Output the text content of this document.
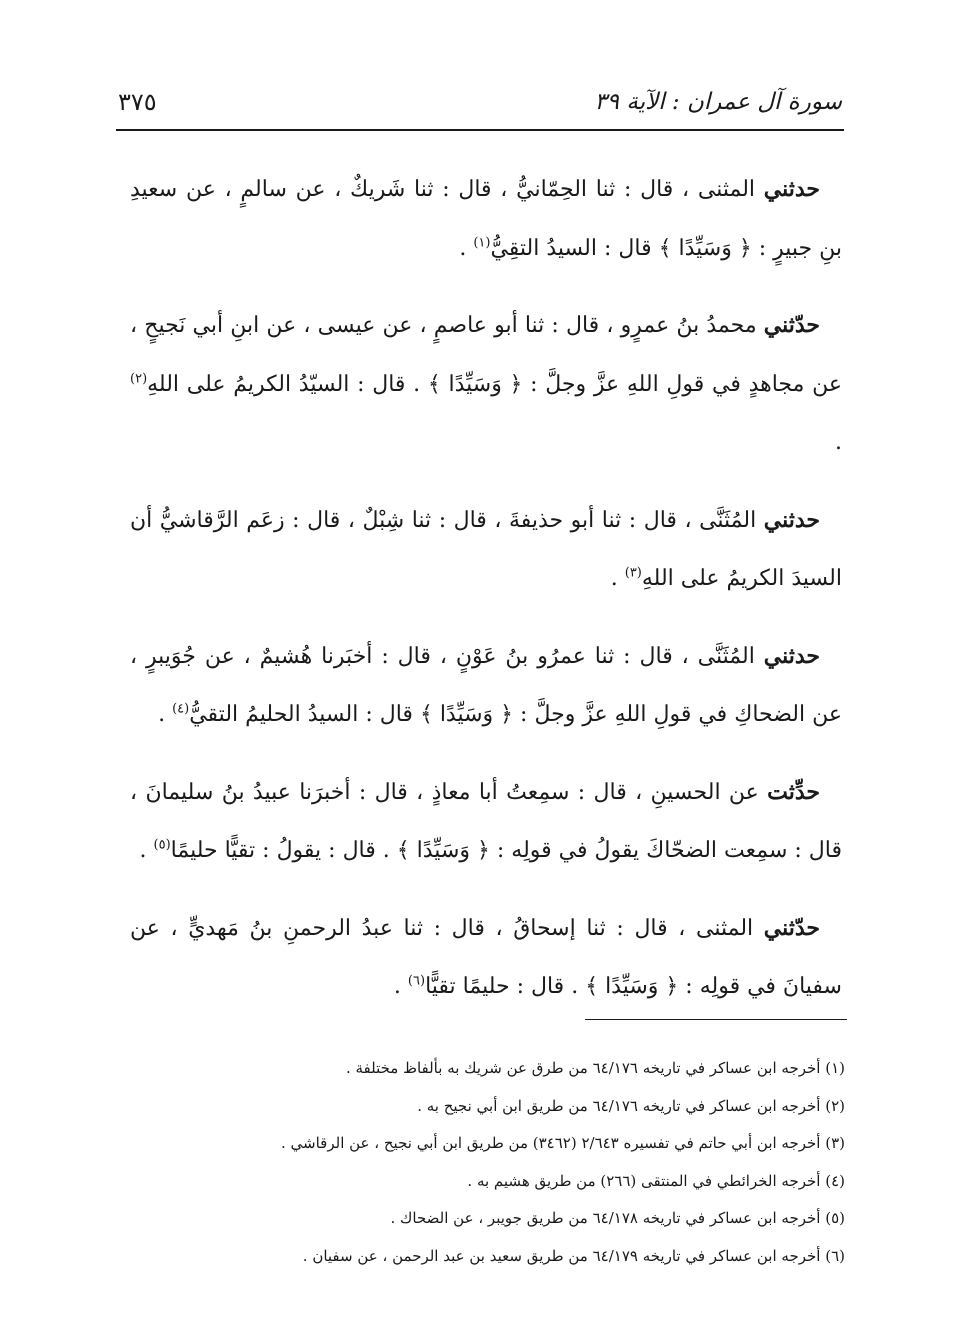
سورة آل عمران : الآية ٣٩
٣٧٥

حدثني المثنى ، قال : ثنا الحِمّانيُّ ، قال : ثنا شَريكٌ ، عن سالمٍ ، عن سعيدِ بنِ جبيرٍ : ﴿ وَسَيِّدًا ﴾ قال : السيدُ التقِيُّ$^{(١)}$ .

حدّثني محمدُ بنُ عمرٍو ، قال : ثنا أبو عاصمٍ ، عن عيسى ، عن ابنِ أبي نَجيحٍ ، عن مجاهدٍ في قولِ اللهِ عزَّ وجلَّ : ﴿ وَسَيِّدًا ﴾ . قال : السيّدُ الكريمُ على اللهِ$^{(٢)}$ .

حدثني المُثَنَّى ، قال : ثنا أبو حذيفةَ ، قال : ثنا شِبْلٌ ، قال : زعَم الرَّقاشيُّ أن السيدَ الكريمُ على اللهِ$^{(٣)}$ .

حدثني المُثَنَّى ، قال : ثنا عمرُو بنُ عَوْنٍ ، قال : أخبَرنا هُشيمٌ ، عن جُوَيبرٍ ، عن الضحاكِ في قولِ اللهِ عزَّ وجلَّ : ﴿ وَسَيِّدًا ﴾ قال : السيدُ الحليمُ التقيُّ$^{(٤)}$ .

حدِّثت عن الحسينِ ، قال : سمِعتُ أبا معاذٍ ، قال : أخبرَنا عبيدُ بنُ سليمانَ ، قال : سمِعت الضحّاكَ يقولُ في قولِه : ﴿ وَسَيِّدًا ﴾ . قال : يقولُ : تقيًّا حليمًا$^{(٥)}$ .

حدّثني المثنى ، قال : ثنا إسحاقُ ، قال : ثنا عبدُ الرحمنِ بنُ مَهديٍّ ، عن سفيانَ في قولِه : ﴿ وَسَيِّدًا ﴾ . قال : حليمًا تقيًّا$^{(٦)}$ .

(١) أخرجه ابن عساكر في تاريخه ٦٤/١٧٦ من طرق عن شريك به بألفاظ مختلفة .
(٢) أخرجه ابن عساكر في تاريخه ٦٤/١٧٦ من طريق ابن أبي نجيح به .
(٣) أخرجه ابن أبي حاتم في تفسيره ٢/٦٤٣ (٣٤٦٢) من طريق ابن أبي نجيح ، عن الرقاشي .
(٤) أخرجه الخرائطي في المنتقى (٢٦٦) من طريق هشيم به .
(٥) أخرجه ابن عساكر في تاريخه ٦٤/١٧٨ من طريق جويبر ، عن الضحاك .
(٦) أخرجه ابن عساكر في تاريخه ٦٤/١٧٩ من طريق سعيد بن عبد الرحمن ، عن سفيان .
